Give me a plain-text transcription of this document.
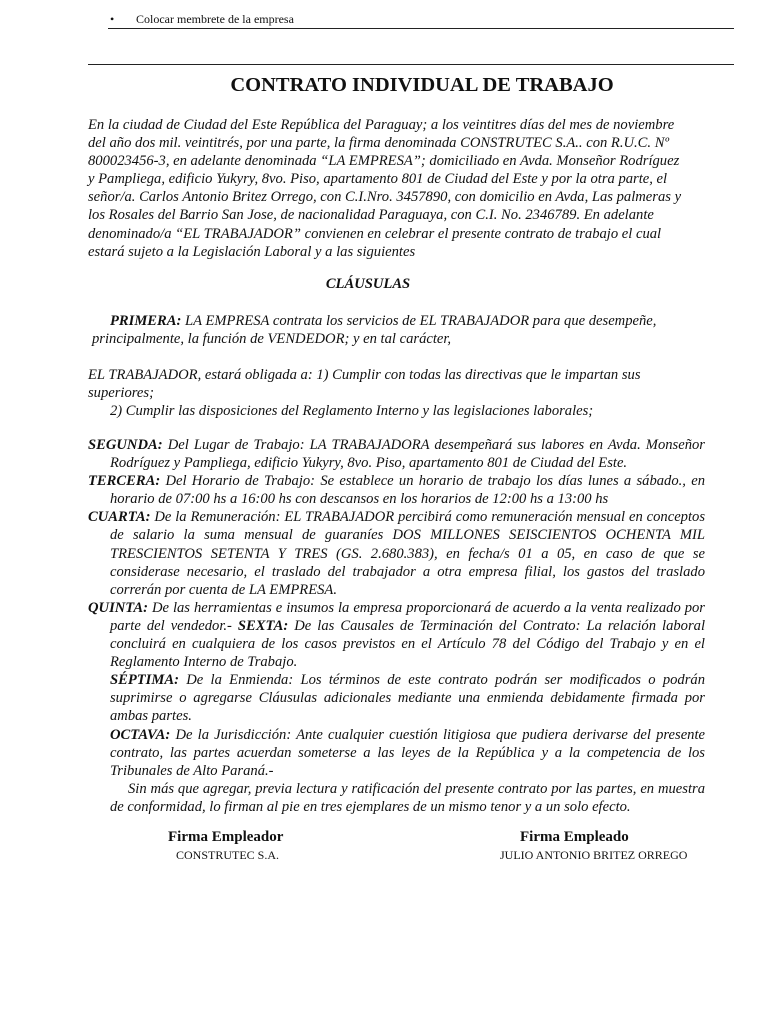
• Colocar membrete de la empresa
CONTRATO INDIVIDUAL DE TRABAJO
En la ciudad de Ciudad del Este República del Paraguay; a los veintitres días del mes de noviembre
del año dos mil. veintitrés, por una parte, la firma denominada CONSTRUTEC S.A.. con R.U.C. Nº
800023456-3, en adelante denominada “LA EMPRESA”; domiciliado en Avda. Monseñor Rodríguez
y Pampliega, edificio Yukyry, 8vo. Piso, apartamento 801 de Ciudad del Este y por la otra parte, el
señor/a. Carlos Antonio Britez Orrego, con C.I.Nro. 3457890, con domicilio en Avda, Las palmeras y
los Rosales del Barrio San Jose, de nacionalidad Paraguaya, con C.I. No. 2346789. En adelante
denominado/a “EL TRABAJADOR” convienen en celebrar el presente contrato de trabajo el cual
estará sujeto a la Legislación Laboral y a las siguientes
CLÁUSULAS
PRIMERA: LA EMPRESA contrata los servicios de EL TRABAJADOR para que desempeñe,
principalmente, la función de VENDEDOR; y en tal carácter,
EL TRABAJADOR, estará obligada a: 1) Cumplir con todas las directivas que le impartan sus
superiores;
2) Cumplir las disposiciones del Reglamento Interno y las legislaciones laborales;
SEGUNDA: Del Lugar de Trabajo: LA TRABAJADORA desempeñará sus labores en Avda. Monseñor Rodríguez y Pampliega, edificio Yukyry, 8vo. Piso, apartamento 801 de Ciudad del Este.
TERCERA: Del Horario de Trabajo: Se establece un horario de trabajo los días lunes a sábado., en horario de 07:00 hs a 16:00 hs con descansos en los horarios de 12:00 hs a 13:00 hs
CUARTA: De la Remuneración: EL TRABAJADOR percibirá como remuneración mensual en conceptos de salario la suma mensual de guaraníes DOS MILLONES SEISCIENTOS OCHENTA MIL TRESCIENTOS SETENTA Y TRES (GS. 2.680.383), en fecha/s 01 a 05, en caso de que se considerase necesario, el traslado del trabajador a otra empresa filial, los gastos del traslado correrán por cuenta de LA EMPRESA.
QUINTA: De las herramientas e insumos la empresa proporcionará de acuerdo a la venta realizado por parte del vendedor.- SEXTA: De las Causales de Terminación del Contrato: La relación laboral concluirá en cualquiera de los casos previstos en el Artículo 78 del Código del Trabajo y en el Reglamento Interno de Trabajo.
SÉPTIMA: De la Enmienda: Los términos de este contrato podrán ser modificados o podrán suprimirse o agregarse Cláusulas adicionales mediante una enmienda debidamente firmada por ambas partes.
OCTAVA: De la Jurisdicción: Ante cualquier cuestión litigiosa que pudiera derivarse del presente contrato, las partes acuerdan someterse a las leyes de la República y a la competencia de los Tribunales de Alto Paraná.-
Sin más que agregar, previa lectura y ratificación del presente contrato por las partes, en muestra de conformidad, lo firman al pie en tres ejemplares de un mismo tenor y a un solo efecto.
Firma Empleador
CONSTRUTEC S.A.
Firma Empleado
JULIO ANTONIO BRITEZ ORREGO
